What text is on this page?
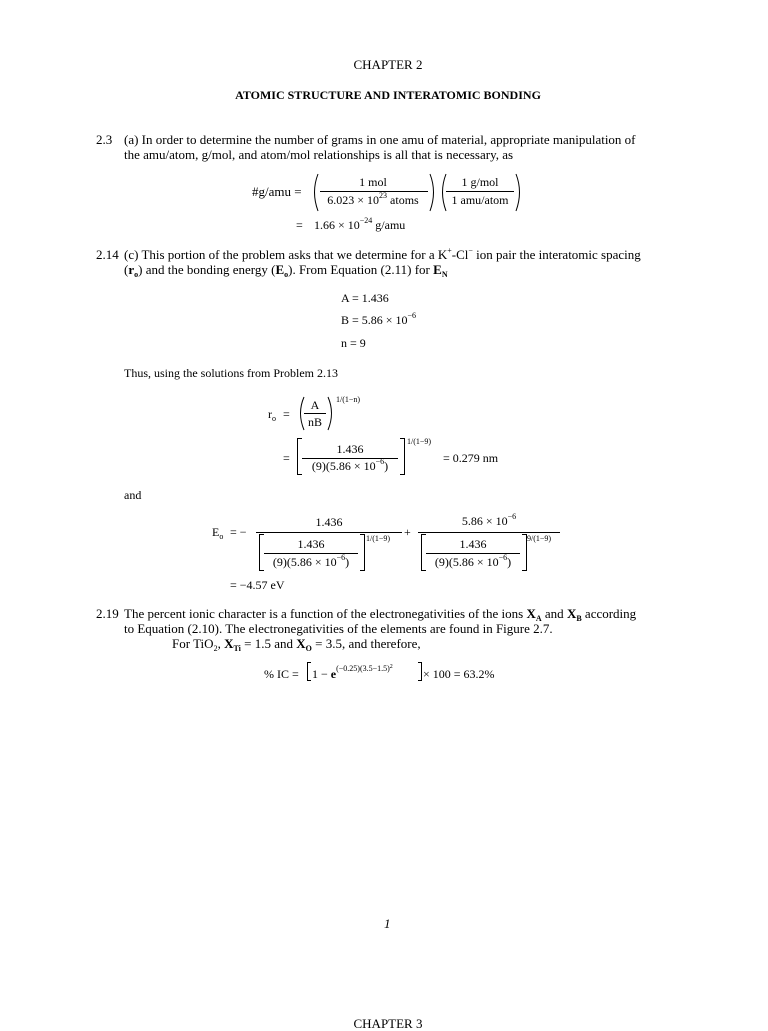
CHAPTER 2
ATOMIC STRUCTURE AND INTERATOMIC BONDING
2.3 (a) In order to determine the number of grams in one amu of material, appropriate manipulation of
the amu/atom, g/mol, and atom/mol relationships is all that is necessary, as
#g/amu =
1 mol
$6.023 \times 10^{23}$ atoms
1 g/mol
1 amu/atom
= $1.66 \times 10^{-24}$ g/amu
2.14 (c) This portion of the problem asks that we determine for a K+-Cl− ion pair the interatomic spacing
$(r_o)$ and the bonding energy $(E_o)$. From Equation (2.11) for $E_N$
A = 1.436
$B = 5.86 \times 10^{-6}$
n = 9
Thus, using the solutions from Problem 2.13
$r_o$ =
A
nB
1/(1−n)
=
1.436
$(9)(5.86 \times 10^{-6})$
1/(1−9)
= 0.279 nm
and
$E_o$ = −
1.436
1.436
$(9)(5.86 \times 10^{-6})$
1/(1−9) +
$5.86 \times 10^{-6}$
1.436
$(9)(5.86 \times 10^{-6})$
9/(1−9)
= −4.57 eV
2.19 The percent ionic character is a function of the electronegativities of the ions $X_A$ and $X_B$ according
to Equation (2.10). The electronegativities of the elements are found in Figure 2.7.
For TiO$_2$, $X_{Ti} = 1.5$ and $X_O = 3.5$, and therefore,
% IC = $1 - e^{(-0.25)(3.5-1.5)^2}$	× 100 = 63.2%
1
CHAPTER 3
